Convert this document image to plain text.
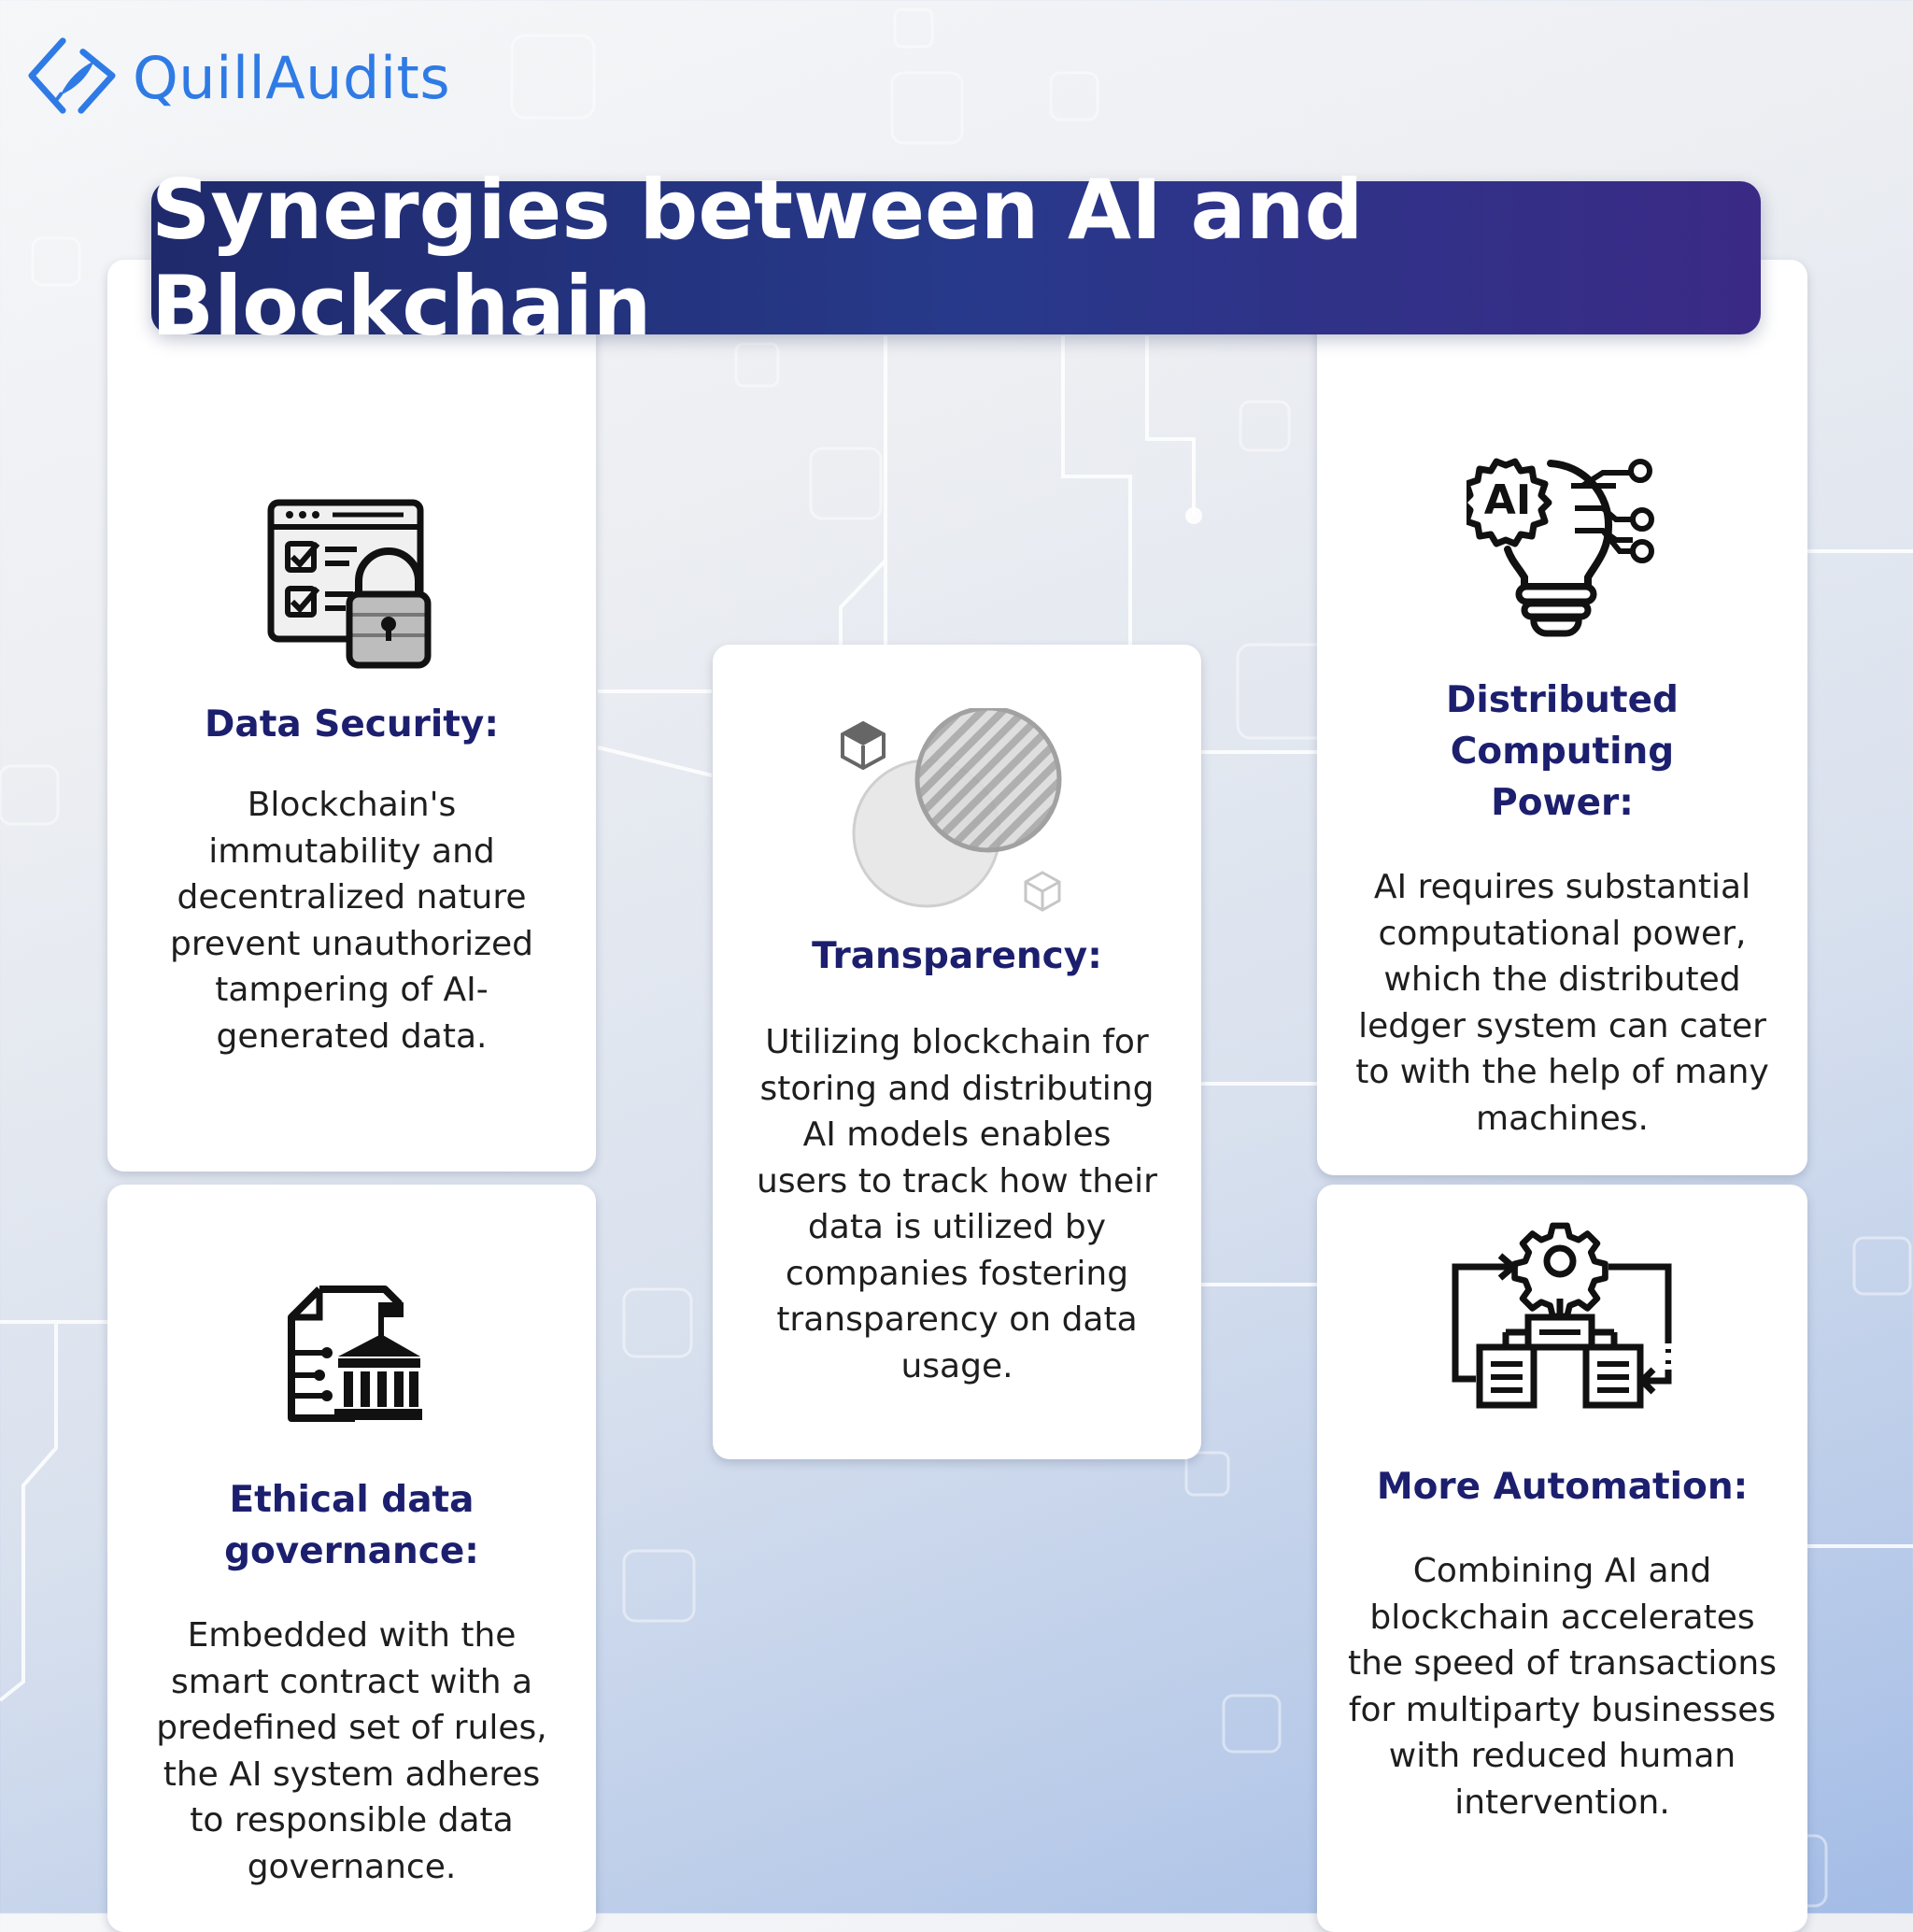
QuillAudits
Synergies between AI and Blockchain

Data Security:

Blockchain's immutability and decentralized nature prevent unauthorized tampering of AI-generated data.

Ethical data governance:

Embedded with the smart contract with a predefined set of rules, the AI system adheres to responsible data governance.

Transparency:

Utilizing blockchain for storing and distributing AI models enables users to track how their data is utilized by companies fostering transparency on data usage.

AI

Distributed Computing Power:

AI requires substantial computational power, which the distributed ledger system can cater to with the help of many machines.

More Automation:

Combining AI and blockchain accelerates the speed of transactions for multiparty businesses with reduced human intervention.
